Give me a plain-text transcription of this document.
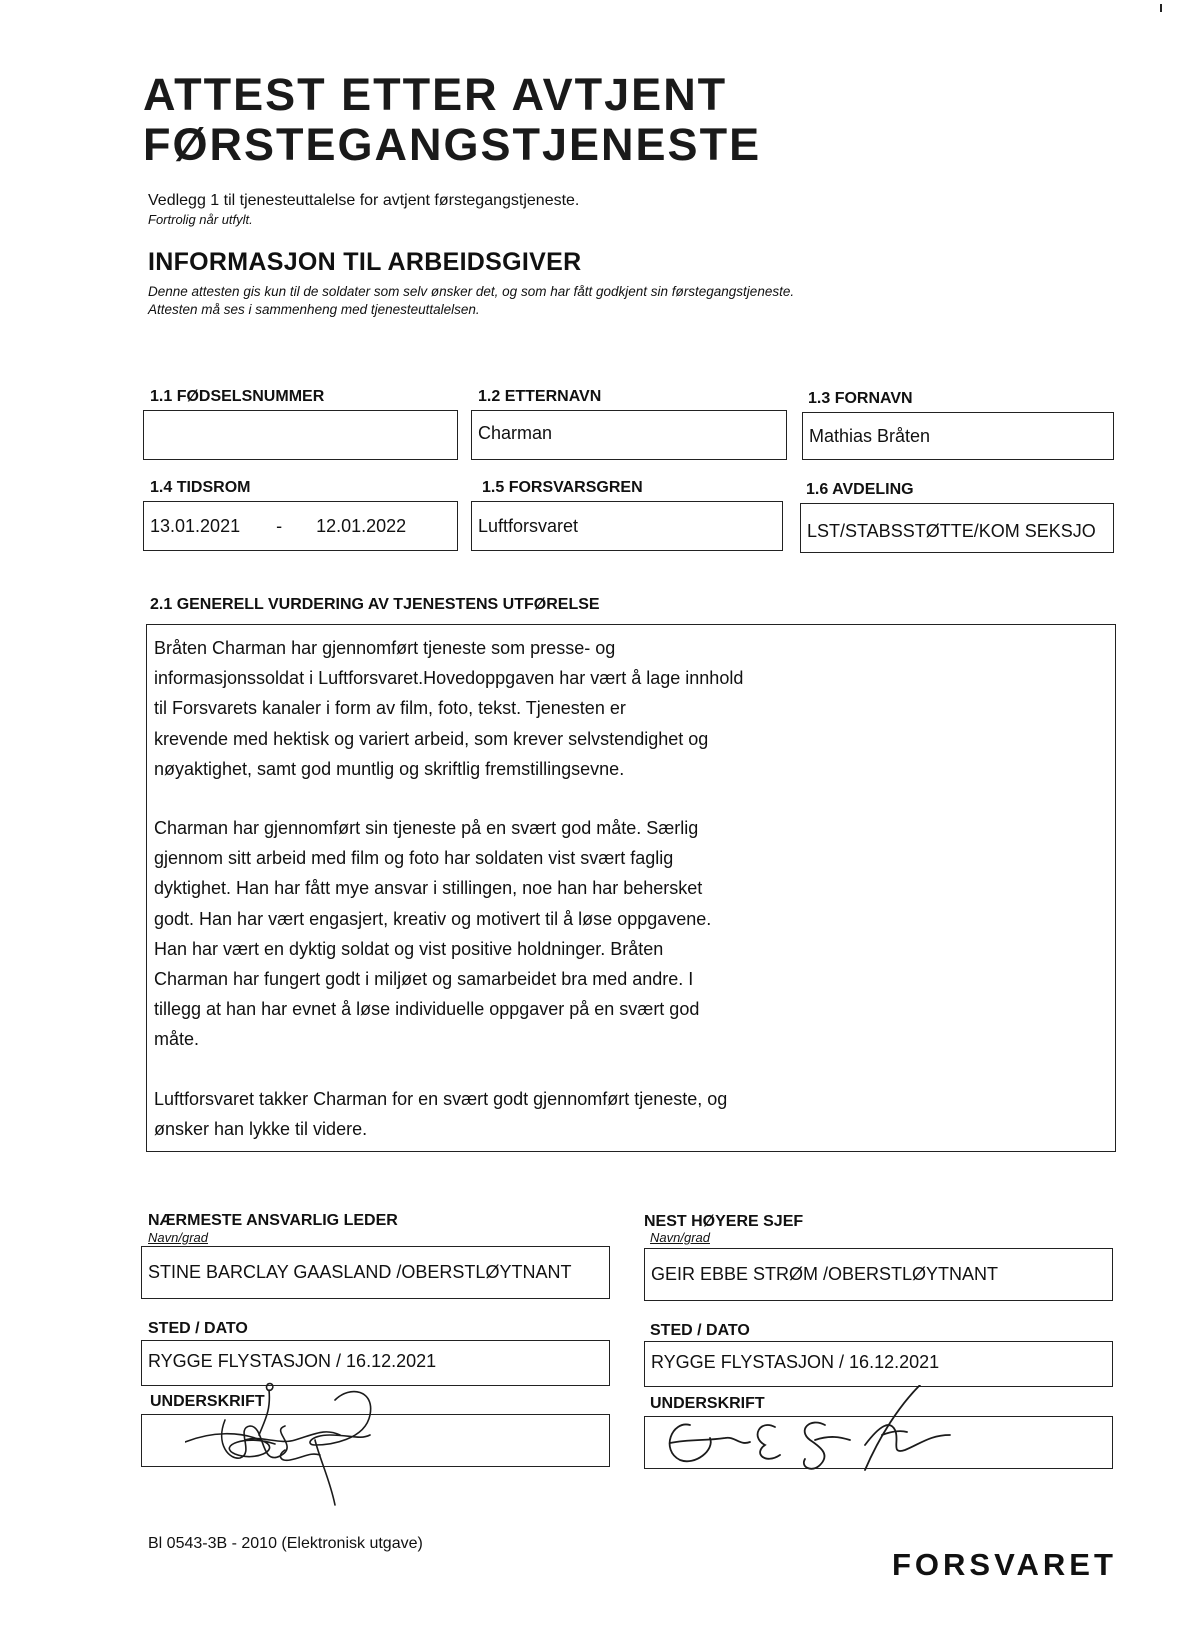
ATTEST ETTER AVTJENT
FØRSTEGANGSTJENESTE
Vedlegg 1 til tjenesteuttalelse for avtjent førstegangstjeneste.
Fortrolig når utfylt.
INFORMASJON TIL ARBEIDSGIVER
Denne attesten gis kun til de soldater som selv ønsker det, og som har fått godkjent sin førstegangstjeneste.
Attesten må ses i sammenheng med tjenesteuttalelsen.
1.1 FØDSELSNUMMER	1.2 ETTERNAVN
Charman
1.3 FORNAVN
Mathias Bråten
1.4 TIDSROM
13.01.2021 - 12.01.2022
1.5 FORSVARSGREN
Luftforsvaret
1.6 AVDELING
LST/STABSSTØTTE/KOM SEKSJO
2.1 GENERELL VURDERING AV TJENESTENS UTFØRELSE

Bråten Charman har gjennomført tjeneste som presse- og
informasjonssoldat i Luftforsvaret.Hovedoppgaven har vært å lage innhold
til Forsvarets kanaler i form av film, foto, tekst. Tjenesten er
krevende med hektisk og variert arbeid, som krever selvstendighet og
nøyaktighet, samt god muntlig og skriftlig fremstillingsevne.

Charman har gjennomført sin tjeneste på en svært god måte. Særlig
gjennom sitt arbeid med film og foto har soldaten vist svært faglig
dyktighet. Han har fått mye ansvar i stillingen, noe han har behersket
godt. Han har vært engasjert, kreativ og motivert til å løse oppgavene.
Han har vært en dyktig soldat og vist positive holdninger. Bråten
Charman har fungert godt i miljøet og samarbeidet bra med andre. I
tillegg at han har evnet å løse individuelle oppgaver på en svært god
måte.

Luftforsvaret takker Charman for en svært godt gjennomført tjeneste, og
ønsker han lykke til videre.

NÆRMESTE ANSVARLIG LEDER
Navn/grad
STINE BARCLAY GAASLAND /OBERSTLØYTNANT
STED / DATO
RYGGE FLYSTASJON / 16.12.2021
UNDERSKRIFT
NEST HØYERE SJEF
Navn/grad
GEIR EBBE STRØM /OBERSTLØYTNANT
STED / DATO
RYGGE FLYSTASJON / 16.12.2021
UNDERSKRIFT
Bl 0543-3B - 2010 (Elektronisk utgave)
FORSVARET
